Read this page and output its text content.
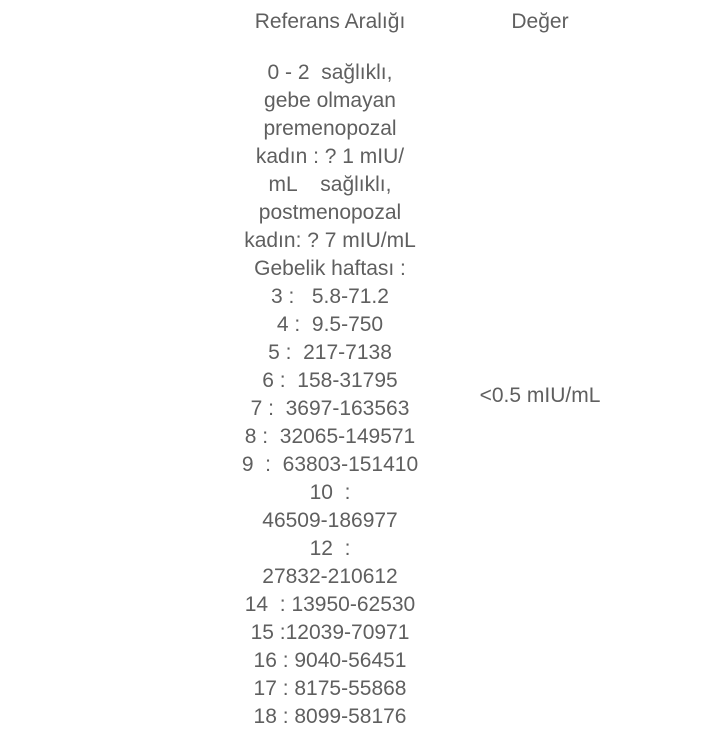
Referans Aralığı	Değer
0 - 2  sağlıklı,
gebe olmayan
premenopozal
kadın : ? 1 mIU/
mL    sağlıklı,
postmenopozal
kadın: ? 7 mIU/mL
Gebelik haftası :
3 :   5.8-71.2
4 :  9.5-750
5 :  217-7138
6 :  158-31795
7 :  3697-163563
8 :  32065-149571
9  :  63803-151410
10  :
46509-186977
12  :
27832-210612
14  : 13950-62530
15 :12039-70971
16 : 9040-56451
17 : 8175-55868
18 : 8099-58176
<0.5 mIU/mL
